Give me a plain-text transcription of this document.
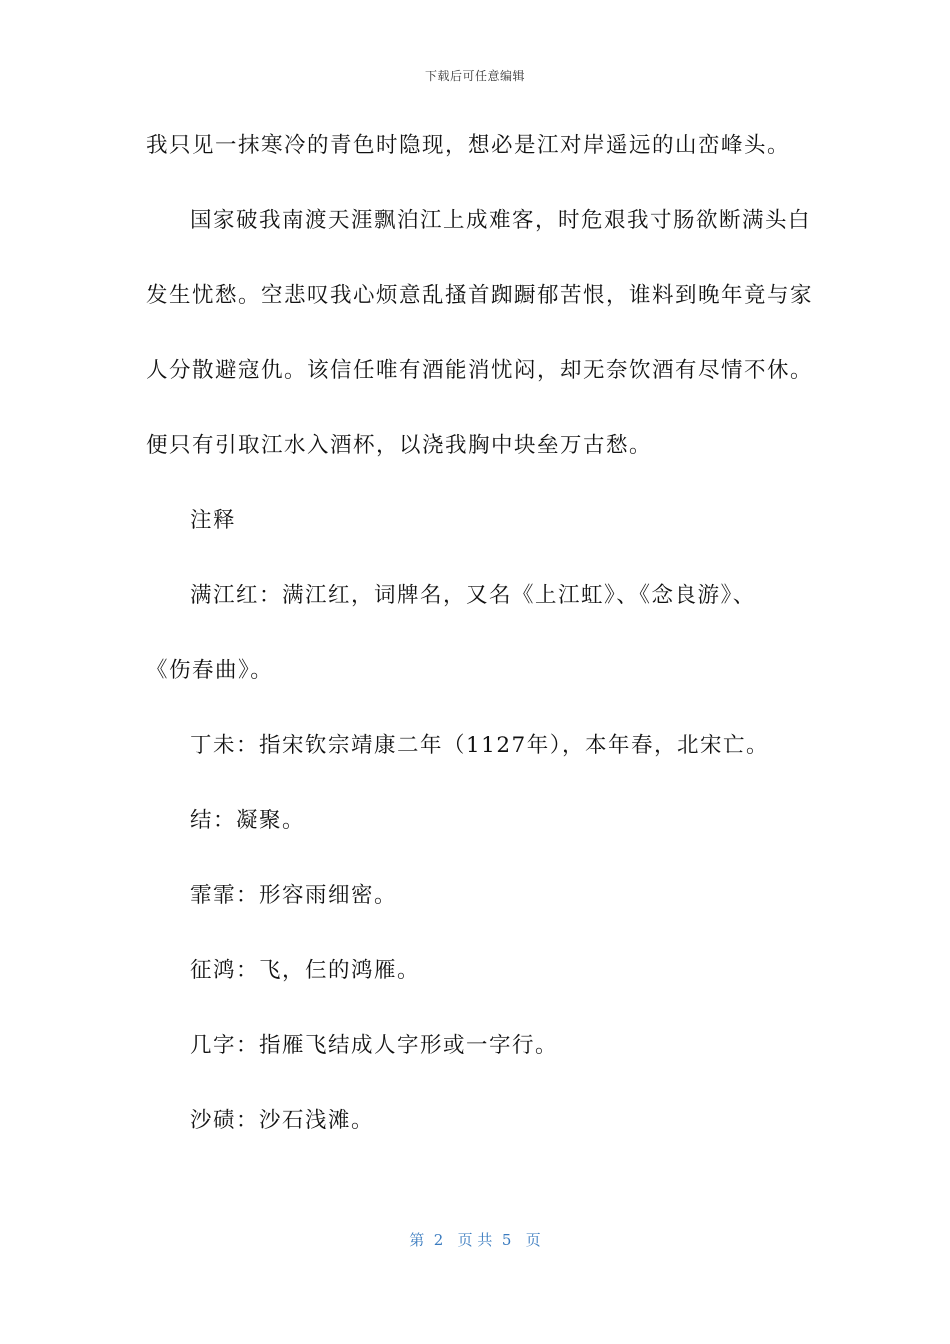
下载后可任意编辑
我只见一抹寒冷的青色时隐现，想必是江对岸遥远的山峦峰头。
国家破我南渡天涯飘泊江上成难客，时危艰我寸肠欲断满头白
发生忧愁。空悲叹我心烦意乱搔首踟蹰郁苦恨，谁料到晚年竟与家
人分散避寇仇。该信任唯有酒能消忧闷，却无奈饮酒有尽情不休。
便只有引取江水入酒杯，以浇我胸中块垒万古愁。
注释
满江红：满江红，词牌名，又名《上江虹》、《念良游》、
《伤春曲》。
丁未：指宋钦宗靖康二年（1127年），本年春，北宋亡。
结：凝聚。
霏霏：形容雨细密。
征鸿：飞，仨的鸿雁。
几字：指雁飞结成人字形或一字行。
沙碛：沙石浅滩。
第  2   页 共  5   页
